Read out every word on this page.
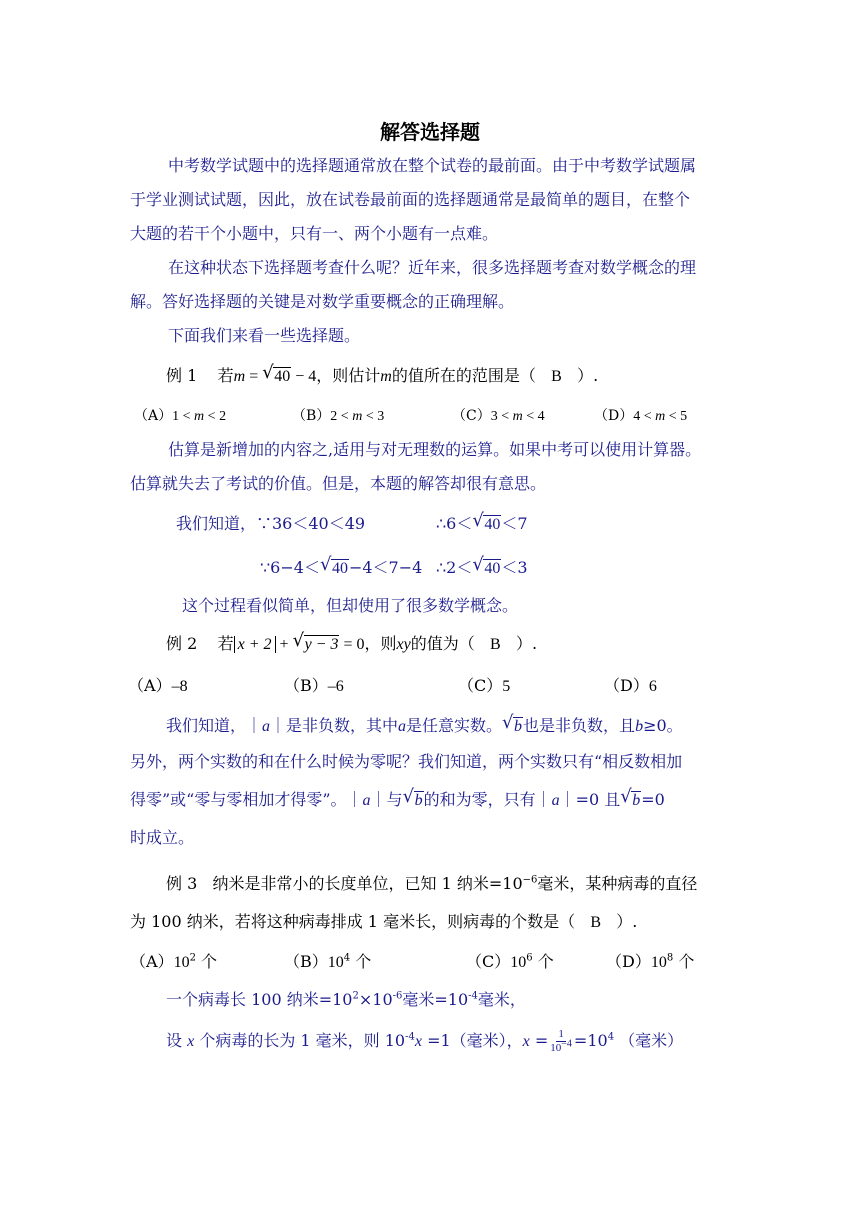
解答选择题
中考数学试题中的选择题通常放在整个试卷的最前面。由于中考数学试题属
于学业测试试题，因此，放在试卷最前面的选择题通常是最简单的题目，在整个
大题的若干个小题中，只有一、两个小题有一点难。
在这种状态下选择题考查什么呢？近年来，很多选择题考查对数学概念的理
解。答好选择题的关键是对数学重要概念的正确理解。
下面我们来看一些选择题。
例 1 若m = √ 40 − 4，则估计m的值所在的范围是（ B ）.
（A）1 < m < 2	（B）2 < m < 3	（C）3 < m < 4	（D）4 < m < 5
估算是新增加的内容之,适用与对无理数的运算。如果中考可以使用计算器。
估算就失去了考试的价值。但是，本题的解答却很有意思。
我们知道，∵36＜40＜49	∴6＜ √ 40＜7
∵6−4＜ √ 40−4＜7−4 ∴2＜ √ 40＜3
这个过程看似简单，但却使用了很多数学概念。
例 2 若 x + 2 + √ y − 3 = 0，则xy的值为（ B ）.
（A）–8	（B）–6	（C）5	（D）6
我们知道，｜a｜是非负数，其中a是任意实数。 √ b也是非负数，且b≥0。
另外，两个实数的和在什么时候为零呢？我们知道，两个实数只有“相反数相加
得零”或“零与零相加才得零”。｜a｜与 √ b的和为零，只有｜a｜=0 且 √ b=0
时成立。
例 3 纳米是非常小的长度单位，已知 1 纳米$=10^{-6}$毫米，某种病毒的直径
为 100 纳米，若将这种病毒排成 1 毫米长，则病毒的个数是（ B ）.
$(A)10^2$ 个	$(B)10^4$ 个	$(C)10^6$ 个	$(D)10^8$ 个
一个病毒长 100 纳米$=10^2\times 10^{-6}$毫米$=10^{-4}$毫米，
设 x 个病毒的长为 1 毫米，则 $10^{-4}x =1$（毫米），$x = \frac{1}{10^{-4}} =10^4$ （毫米）
